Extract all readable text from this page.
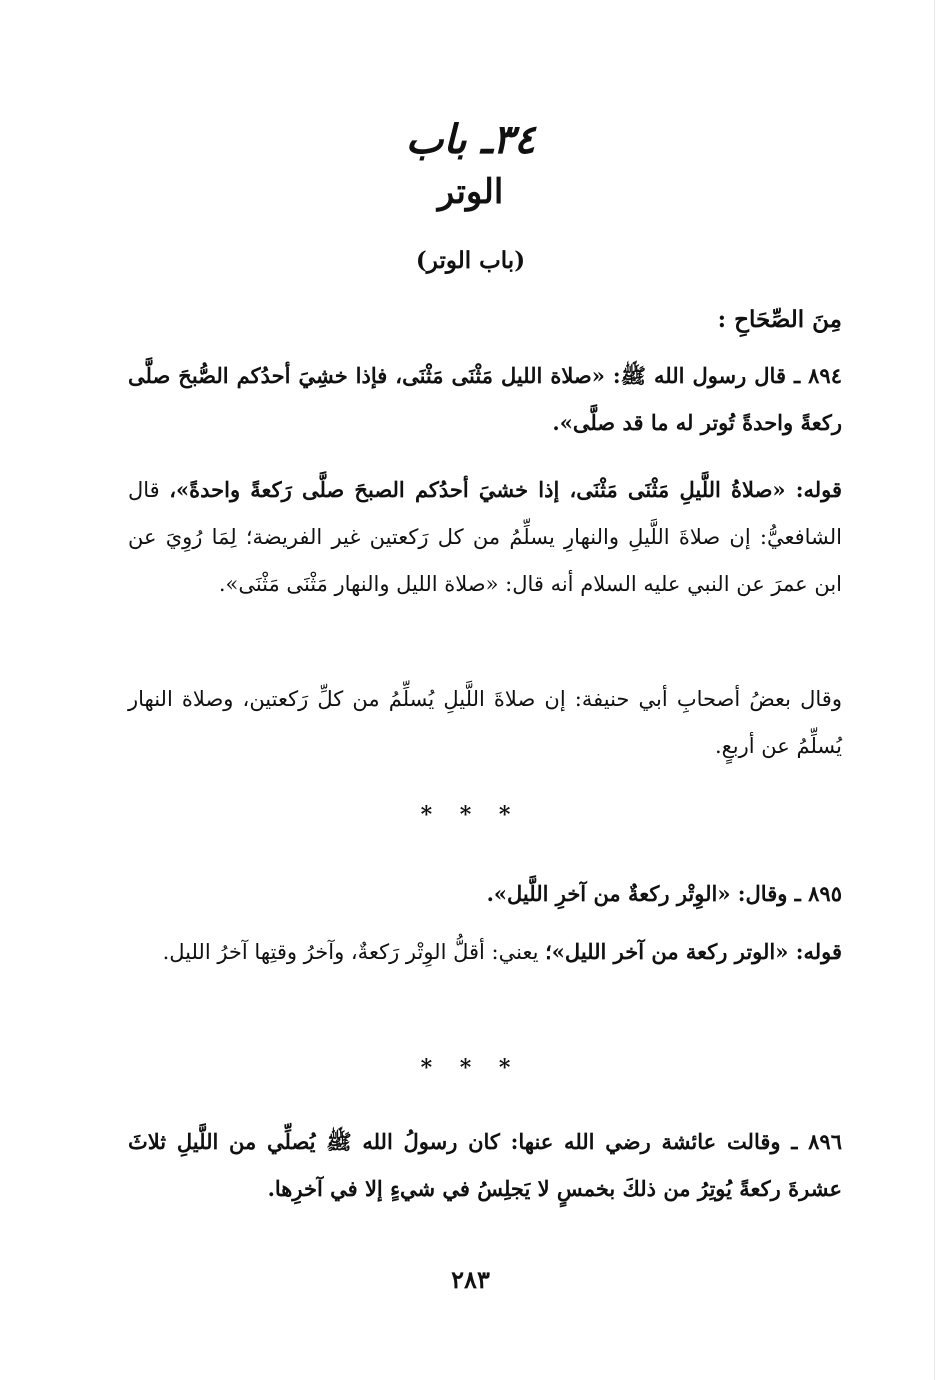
٣٤ـ باب
الوتر
(باب الوتر)
مِنَ الصِّحَاحِ :
٨٩٤ ـ قال رسول الله ﷺ: «صلاة الليل مَثْنَى مَثْنَى، فإذا خشِيَ أحدُكم الصُّبحَ صلَّى ركعةً واحدةً تُوتر له ما قد صلَّى».
قوله: «صلاةُ اللَّيلِ مَثْنَى مَثْنَى، إذا خشيَ أحدُكم الصبحَ صلَّى رَكعةً واحدةً»، قال الشافعيُّ: إن صلاةَ اللَّيلِ والنهارِ يسلِّمُ من كل رَكعتين غير الفريضة؛ لِمَا رُوِيَ عن ابن عمرَ عن النبي عليه السلام أنه قال: «صلاة الليل والنهار مَثْنَى مَثْنَى».
وقال بعضُ أصحابِ أبي حنيفة: إن صلاةَ اللَّيلِ يُسلِّمُ من كلِّ رَكعتين، وصلاة النهار يُسلِّمُ عن أربعٍ.
* * *
٨٩٥ ـ وقال: «الوِتْر ركعةٌ من آخرِ اللَّيل».
قوله: «الوتر ركعة من آخر الليل»؛ يعني: أقلُّ الوِتْر رَكعةٌ، وآخرُ وقتِها آخرُ الليل.
* * *
٨٩٦ ـ وقالت عائشة رضي الله عنها: كان رسولُ الله ﷺ يُصلِّي من اللَّيلِ ثلاثَ عشرةَ ركعةً يُوتِرُ من ذلكَ بخمسٍ لا يَجلِسُ في شيءٍ إلا في آخرِها.
٢٨٣
